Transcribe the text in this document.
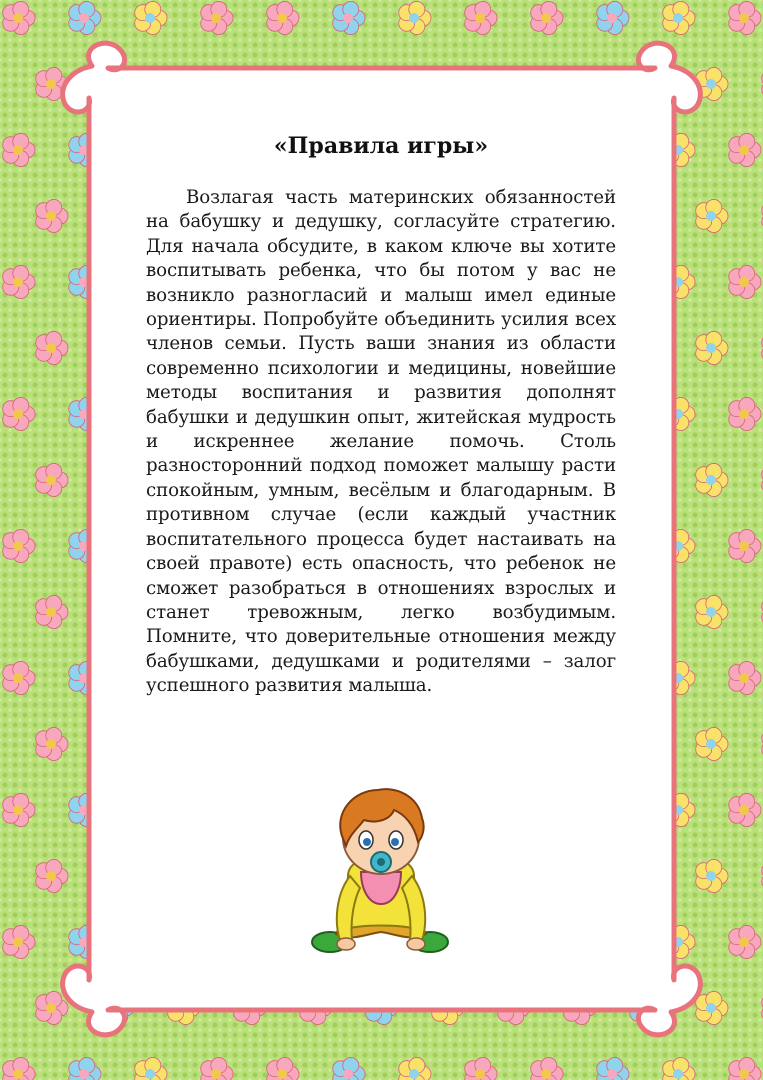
«Правила игры»

Возлагая часть материнских обязанностей на бабушку и дедушку, согласуйте стратегию. Для начала обсудите, в каком ключе вы хотите воспитывать ребенка, что бы потом у вас не возникло разногласий и малыш имел единые ориентиры. Попробуйте объединить усилия всех членов семьи. Пусть ваши знания из области современно психологии и медицины, новейшие методы воспитания и развития дополнят бабушки и дедушкин опыт, житейская мудрость и искреннее желание помочь. Столь разносторонний подход поможет малышу расти спокойным, умным, весёлым и благодарным. В противном случае (если каждый участник воспитательного процесса будет настаивать на своей правоте) есть опасность, что ребенок не сможет разобраться в отношениях взрослых и станет тревожным, легко возбудимым. Помните, что доверительные отношения между бабушками, дедушками и родителями – залог успешного развития малыша.
